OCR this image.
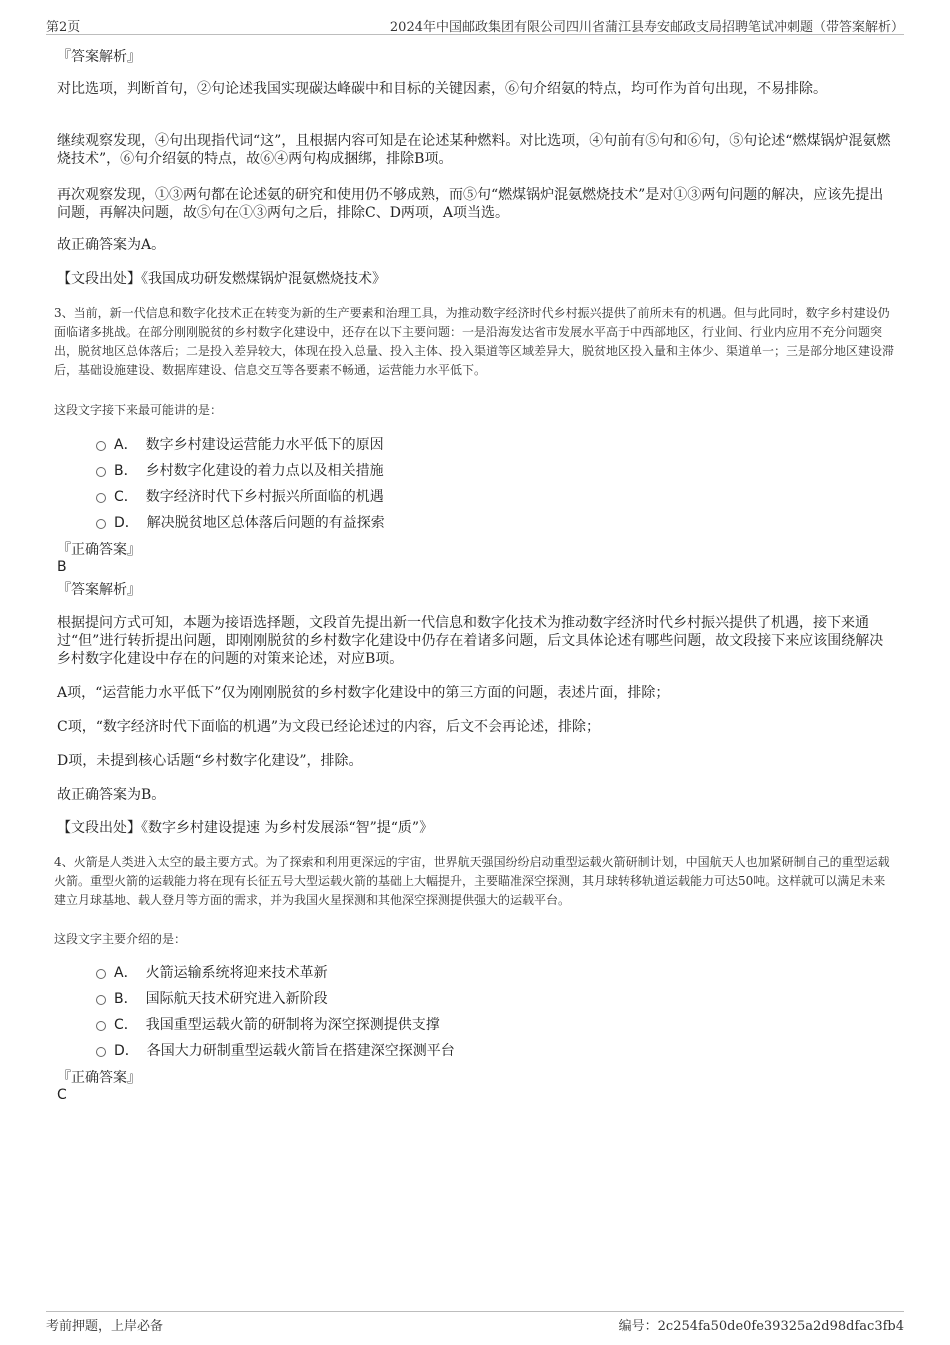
第2页	2024年中国邮政集团有限公司四川省蒲江县寿安邮政支局招聘笔试冲刺题（带答案解析）
『答案解析』
对比选项，判断首句，②句论述我国实现碳达峰碳中和目标的关键因素，⑥句介绍氨的特点，均可作为首句出现，不易排除。
继续观察发现，④句出现指代词“这”，且根据内容可知是在论述某种燃料。对比选项，④句前有⑤句和⑥句，⑤句论述“燃煤锅炉混氨燃烧技术”，⑥句介绍氨的特点，故⑥④两句构成捆绑，排除B项。
再次观察发现，①③两句都在论述氨的研究和使用仍不够成熟，而⑤句“燃煤锅炉混氨燃烧技术”是对①③两句问题的解决，应该先提出问题，再解决问题，故⑤句在①③两句之后，排除C、D两项，A项当选。
故正确答案为A。
【文段出处】《我国成功研发燃煤锅炉混氨燃烧技术》
3、当前，新一代信息和数字化技术正在转变为新的生产要素和治理工具，为推动数字经济时代乡村振兴提供了前所未有的机遇。但与此同时，数字乡村建设仍面临诸多挑战。在部分刚刚脱贫的乡村数字化建设中，还存在以下主要问题：一是沿海发达省市发展水平高于中西部地区，行业间、行业内应用不充分问题突出，脱贫地区总体落后；二是投入差异较大，体现在投入总量、投入主体、投入渠道等区域差异大，脱贫地区投入量和主体少、渠道单一；三是部分地区建设滞后，基础设施建设、数据库建设、信息交互等各要素不畅通，运营能力水平低下。
这段文字接下来最可能讲的是：
A． 数字乡村建设运营能力水平低下的原因
B． 乡村数字化建设的着力点以及相关措施
C． 数字经济时代下乡村振兴所面临的机遇
D． 解决脱贫地区总体落后问题的有益探索
『正确答案』
B
『答案解析』
根据提问方式可知，本题为接语选择题，文段首先提出新一代信息和数字化技术为推动数字经济时代乡村振兴提供了机遇，接下来通过“但”进行转折提出问题，即刚刚脱贫的乡村数字化建设中仍存在着诸多问题，后文具体论述有哪些问题，故文段接下来应该围绕解决乡村数字化建设中存在的问题的对策来论述，对应B项。
A项，“运营能力水平低下”仅为刚刚脱贫的乡村数字化建设中的第三方面的问题，表述片面，排除；
C项，“数字经济时代下面临的机遇”为文段已经论述过的内容，后文不会再论述，排除；
D项，未提到核心话题“乡村数字化建设”，排除。
故正确答案为B。
【文段出处】《数字乡村建设提速 为乡村发展添“智”提“质”》
4、火箭是人类进入太空的最主要方式。为了探索和利用更深远的宇宙，世界航天强国纷纷启动重型运载火箭研制计划，中国航天人也加紧研制自己的重型运载火箭。重型火箭的运载能力将在现有长征五号大型运载火箭的基础上大幅提升，主要瞄准深空探测，其月球转移轨道运载能力可达50吨。这样就可以满足未来建立月球基地、载人登月等方面的需求，并为我国火星探测和其他深空探测提供强大的运载平台。
这段文字主要介绍的是：
A． 火箭运输系统将迎来技术革新
B． 国际航天技术研究进入新阶段
C． 我国重型运载火箭的研制将为深空探测提供支撑
D． 各国大力研制重型运载火箭旨在搭建深空探测平台
『正确答案』
C
考前押题，上岸必备	编号：2c254fa50de0fe39325a2d98dfac3fb4
